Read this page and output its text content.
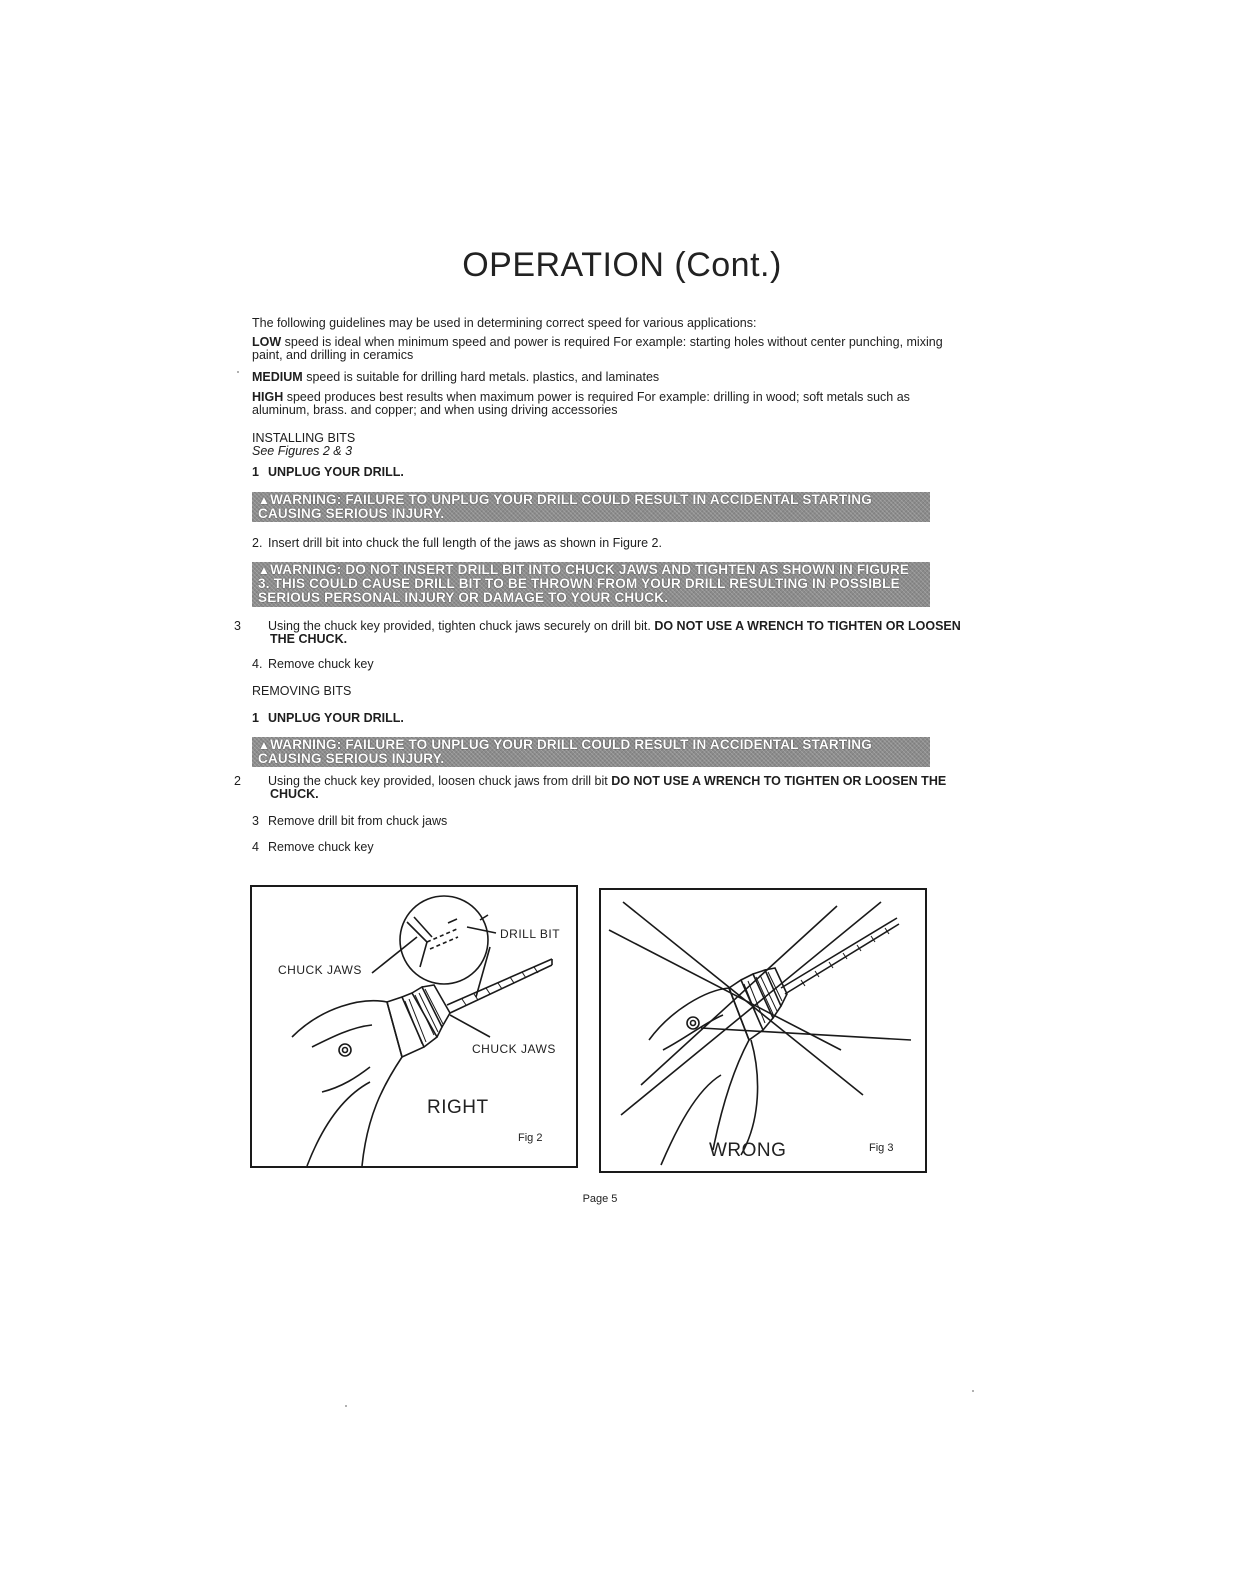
OPERATION (Cont.)
The following guidelines may be used in determining correct speed for various applications:
LOW speed is ideal when minimum speed and power is required For example: starting holes without center punching, mixing paint, and drilling in ceramics
MEDIUM speed is suitable for drilling hard metals. plastics, and laminates
HIGH speed produces best results when maximum power is required For example: drilling in wood; soft metals such as aluminum, brass. and copper; and when using driving accessories
INSTALLING BITS
See Figures 2 & 3
1 UNPLUG YOUR DRILL.
▲WARNING: FAILURE TO UNPLUG YOUR DRILL COULD RESULT IN ACCIDENTAL STARTING CAUSING SERIOUS INJURY.
2. Insert drill bit into chuck the full length of the jaws as shown in Figure 2.
▲WARNING: DO NOT INSERT DRILL BIT INTO CHUCK JAWS AND TIGHTEN AS SHOWN IN FIGURE 3. THIS COULD CAUSE DRILL BIT TO BE THROWN FROM YOUR DRILL RESULTING IN POSSIBLE SERIOUS PERSONAL INJURY OR DAMAGE TO YOUR CHUCK.
3 Using the chuck key provided, tighten chuck jaws securely on drill bit. DO NOT USE A WRENCH TO TIGHTEN OR LOOSEN THE CHUCK.
4. Remove chuck key
REMOVING BITS
1 UNPLUG YOUR DRILL.
▲WARNING: FAILURE TO UNPLUG YOUR DRILL COULD RESULT IN ACCIDENTAL STARTING CAUSING SERIOUS INJURY.
2 Using the chuck key provided, loosen chuck jaws from drill bit DO NOT USE A WRENCH TO TIGHTEN OR LOOSEN THE CHUCK.
3 Remove drill bit from chuck jaws
4 Remove chuck key
CHUCK JAWS
DRILL BIT
CHUCK JAWS
RIGHT
Fig 2
WRONG	Fig 3
Page 5
